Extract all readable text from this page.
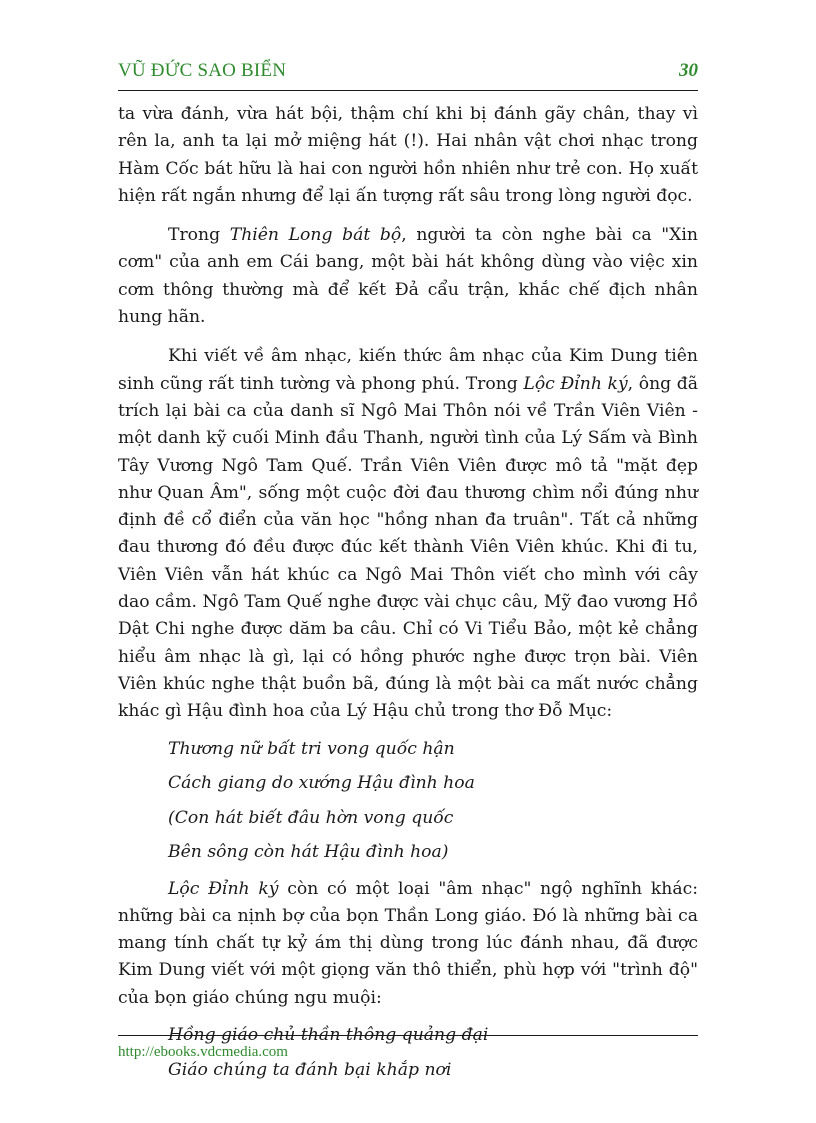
VŨ ĐỨC SAO BIỂN	30

ta vừa đánh, vừa hát bội, thậm chí khi bị đánh gãy chân, thay vì rên la, anh ta lại mở miệng hát (!). Hai nhân vật chơi nhạc trong Hàm Cốc bát hữu là hai con người hồn nhiên như trẻ con. Họ xuất hiện rất ngắn nhưng để lại ấn tượng rất sâu trong lòng người đọc.

Trong Thiên Long bát bộ, người ta còn nghe bài ca "Xin cơm" của anh em Cái bang, một bài hát không dùng vào việc xin cơm thông thường mà để kết Đả cẩu trận, khắc chế địch nhân hung hãn.

Khi viết về âm nhạc, kiến thức âm nhạc của Kim Dung tiên sinh cũng rất tinh tường và phong phú. Trong Lộc Đỉnh ký, ông đã trích lại bài ca của danh sĩ Ngô Mai Thôn nói về Trần Viên Viên - một danh kỹ cuối Minh đầu Thanh, người tình của Lý Sấm và Bình Tây Vương Ngô Tam Quế. Trần Viên Viên được mô tả "mặt đẹp như Quan Âm", sống một cuộc đời đau thương chìm nổi đúng như định đề cổ điển của văn học "hồng nhan đa truân". Tất cả những đau thương đó đều được đúc kết thành Viên Viên khúc. Khi đi tu, Viên Viên vẫn hát khúc ca Ngô Mai Thôn viết cho mình với cây dao cầm. Ngô Tam Quế nghe được vài chục câu, Mỹ đao vương Hồ Dật Chi nghe được dăm ba câu. Chỉ có Vi Tiểu Bảo, một kẻ chẳng hiểu âm nhạc là gì, lại có hồng phước nghe được trọn bài. Viên Viên khúc nghe thật buồn bã, đúng là một bài ca mất nước chẳng khác gì Hậu đình hoa của Lý Hậu chủ trong thơ Đỗ Mục:

Thương nữ bất tri vong quốc hận

Cách giang do xướng Hậu đình hoa

(Con hát biết đâu hờn vong quốc

Bên sông còn hát Hậu đình hoa)

Lộc Đỉnh ký còn có một loại "âm nhạc" ngộ nghĩnh khác: những bài ca nịnh bợ của bọn Thần Long giáo. Đó là những bài ca mang tính chất tự kỷ ám thị dùng trong lúc đánh nhau, đã được Kim Dung viết với một giọng văn thô thiển, phù hợp với "trình độ" của bọn giáo chúng ngu muội:

Hồng giáo chủ thần thông quảng đại

Giáo chúng ta đánh bại khắp nơi

http://ebooks.vdcmedia.com
